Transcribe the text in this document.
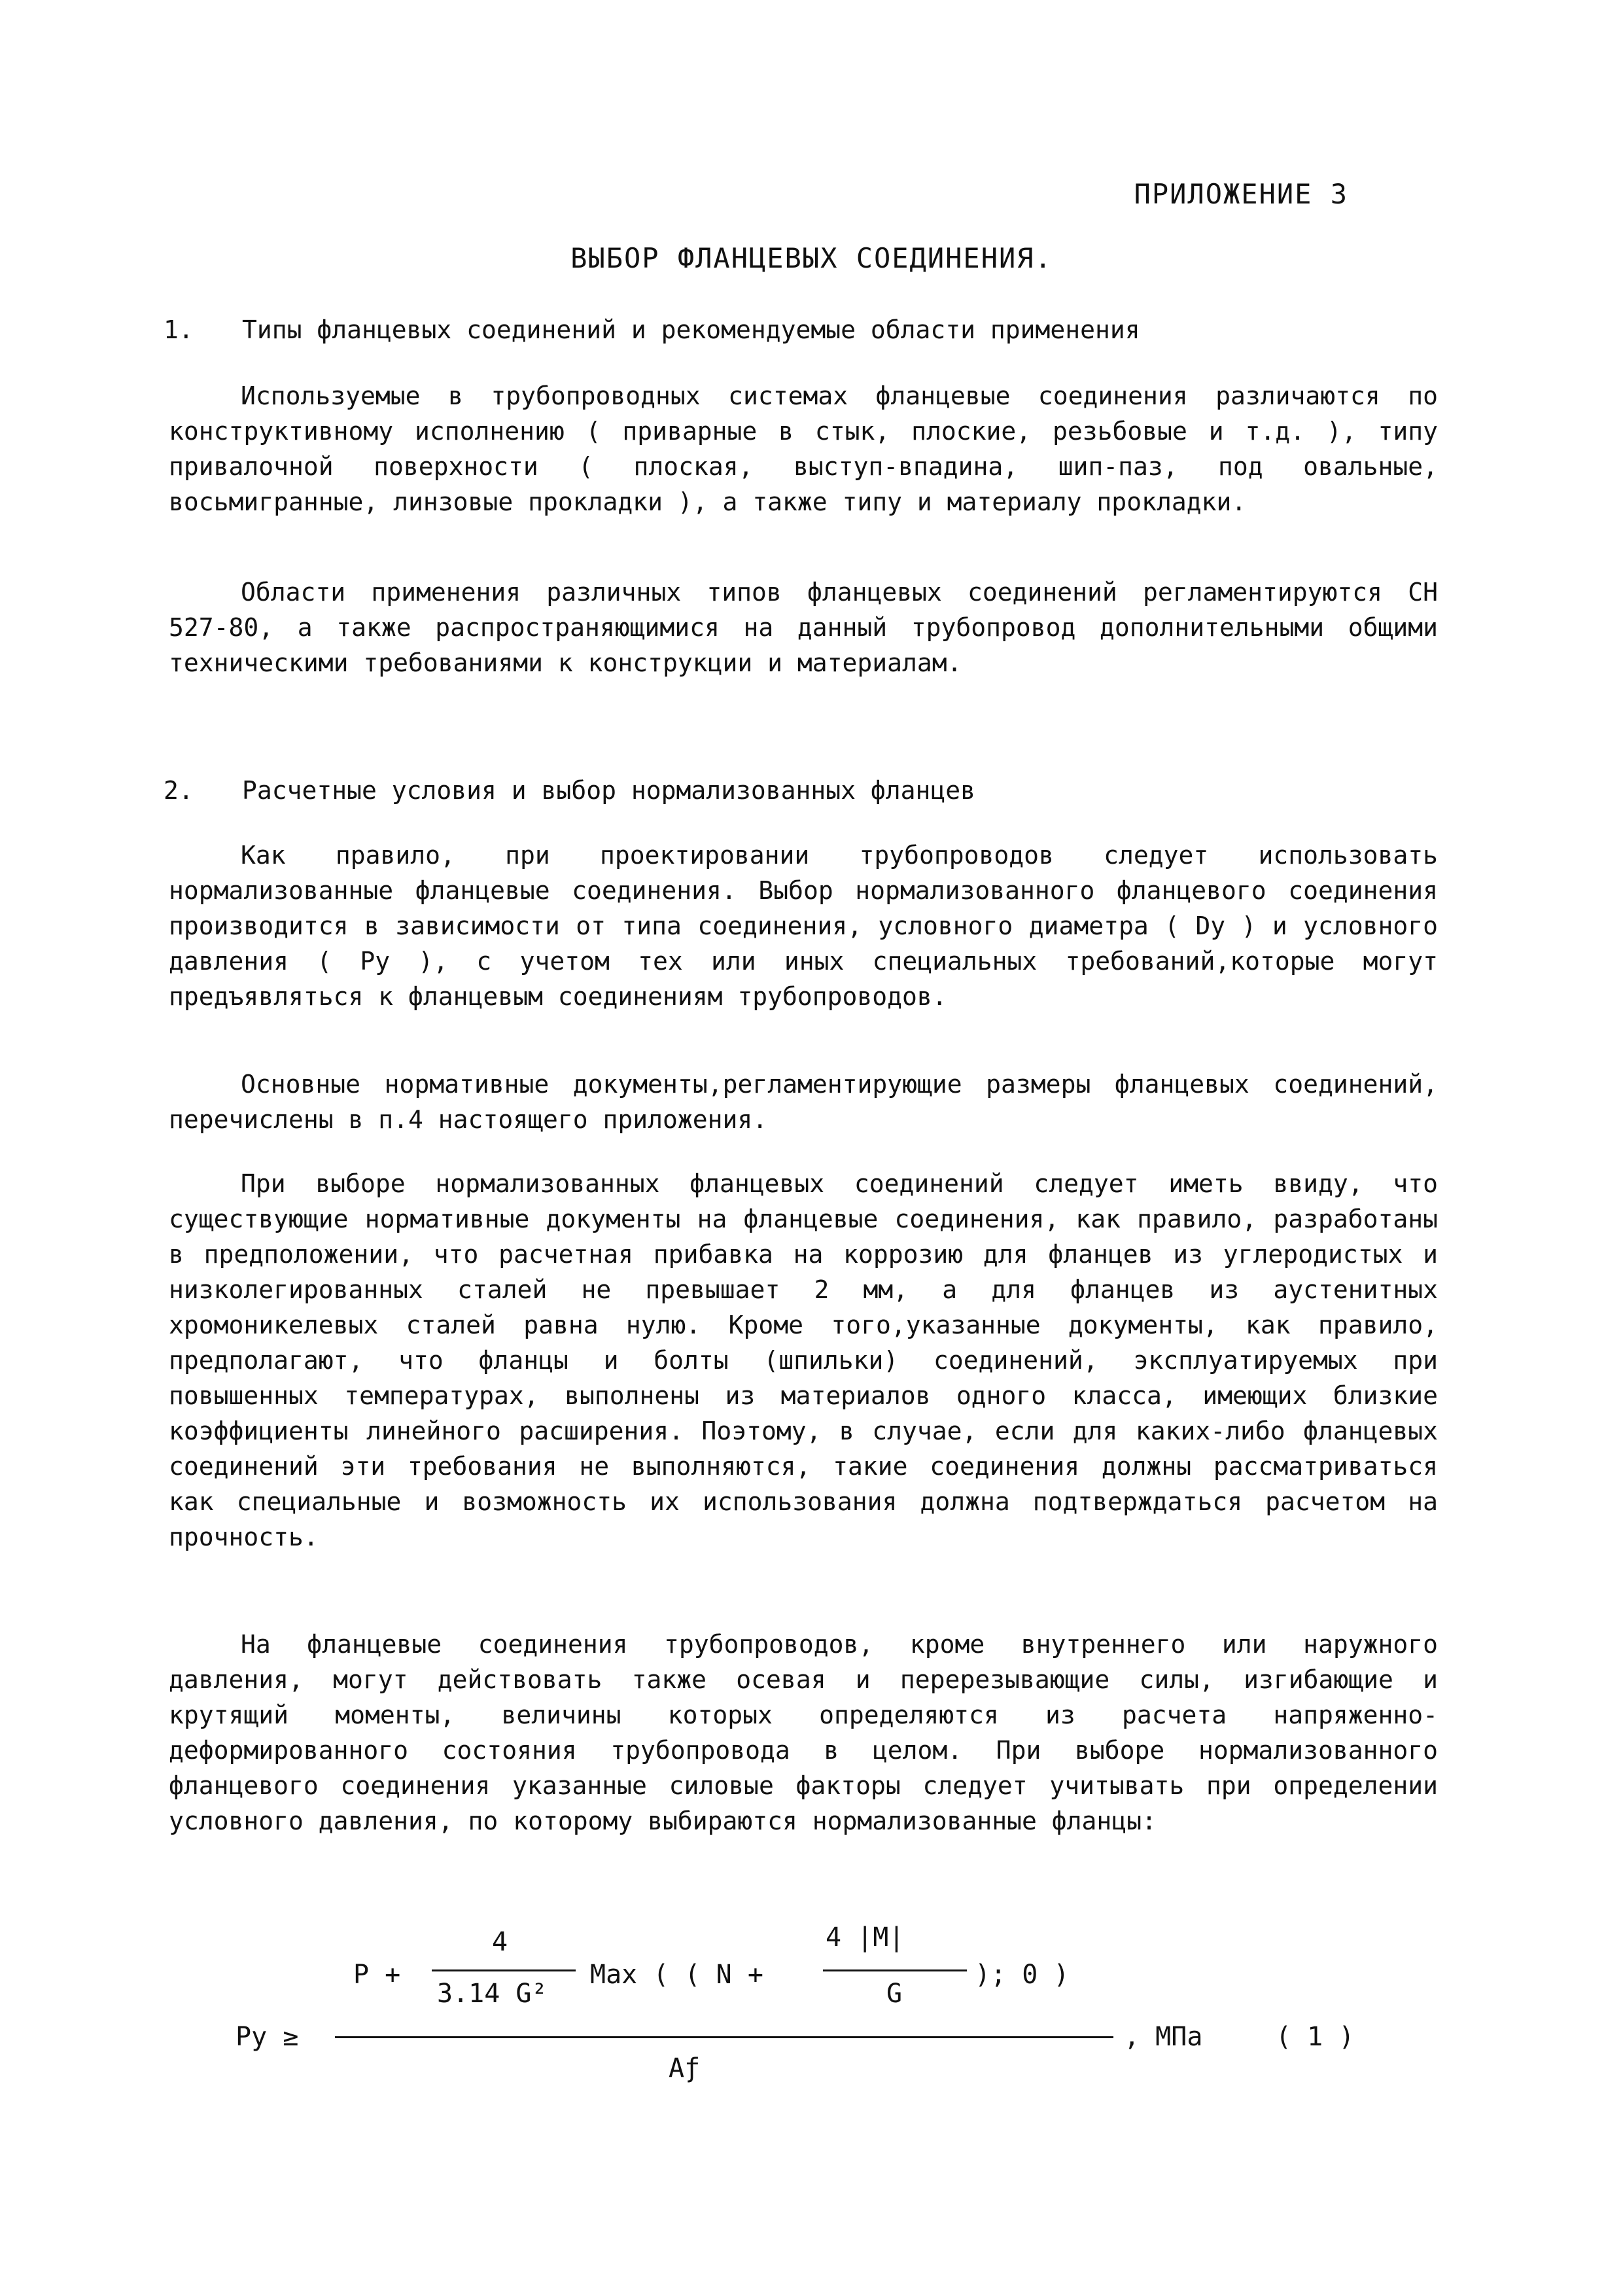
ПРИЛОЖЕНИЕ 3
ВЫБОР ФЛАНЦЕВЫХ СОЕДИНЕНИЯ.
1. Типы фланцевых соединений и рекомендуемые области применения

Используемые в трубопроводных системах фланцевые соединения различаются по конструктивному исполнению ( приварные в стык, плоские, резьбовые и т.д. ), типу привалочной поверхности ( плоская, выступ-впадина, шип-паз, под овальные, восьмигранные, линзовые прокладки ), а также типу и материалу прокладки.

Области применения различных типов фланцевых соединений регламентируются СН 527-80, а также распространяющимися на данный трубопровод дополнительными общими техническими требованиями к конструкции и материалам.

2. Расчетные условия и выбор нормализованных фланцев

Как правило, при проектировании трубопроводов следует использовать нормализованные фланцевые соединения. Выбор нормализованного фланцевого соединения производится в зависимости от типа соединения, условного диаметра ( Dy ) и условного давления ( Py ), с учетом тех или иных специальных требований,которые могут предъявляться к фланцевым соединениям трубопроводов.

Основные нормативные документы,регламентирующие размеры фланцевых соединений, перечислены в п.4 настоящего приложения.

При выборе нормализованных фланцевых соединений следует иметь ввиду, что существующие нормативные документы на фланцевые соединения, как правило, разработаны в предположении, что расчетная прибавка на коррозию для фланцев из углеродистых и низколегированных сталей не превышает 2 мм, а для фланцев из аустенитных хромоникелевых сталей равна нулю. Кроме того,указанные документы, как правило, предполагают, что фланцы и болты (шпильки) соединений, эксплуатируемых при повышенных температурах, выполнены из материалов одного класса, имеющих близкие коэффициенты линейного расширения. Поэтому, в случае, если для каких-либо фланцевых соединений эти требования не выполняются, такие соединения должны рассматриваться как специальные и возможность их использования должна подтверждаться расчетом на прочность.

На фланцевые соединения трубопроводов, кроме внутреннего или наружного давления, могут действовать также осевая и перерезывающие силы, изгибающие и крутящий моменты, величины которых определяются из расчета напряженно-деформированного состояния трубопровода в целом. При выборе нормализованного фланцевого соединения указанные силовые факторы следует учитывать при определении условного давления, по которому выбираются нормализованные фланцы:

P +
4
3.14 G²
Max ( ( N +
4 |M|
G
); 0 )
Py ≥
Aƒ
, МПа	( 1 )
